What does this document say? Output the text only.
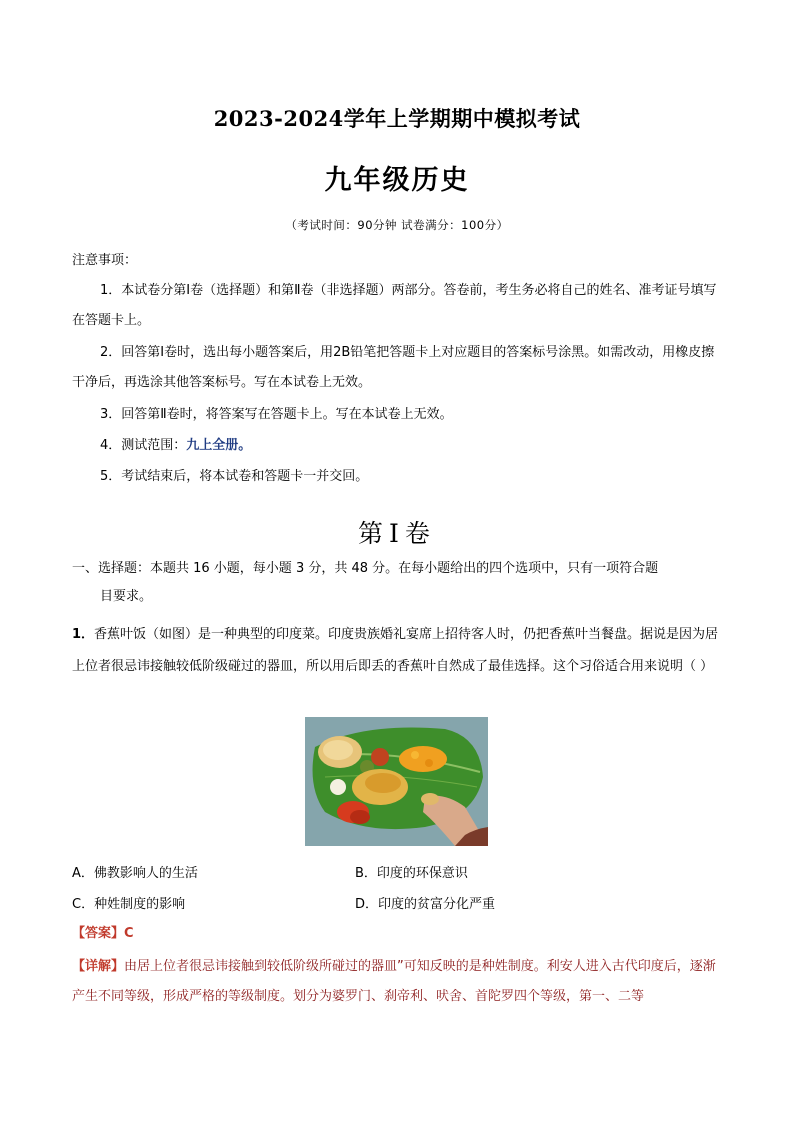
2023-2024学年上学期期中模拟考试
九年级历史
（考试时间：90分钟 试卷满分：100分）
注意事项：

1．本试卷分第Ⅰ卷（选择题）和第Ⅱ卷（非选择题）两部分。答卷前，考生务必将自己的姓名、准考证号填写在答题卡上。

2．回答第Ⅰ卷时，选出每小题答案后，用2B铅笔把答题卡上对应题目的答案标号涂黑。如需改动，用橡皮擦干净后，再选涂其他答案标号。写在本试卷上无效。

3．回答第Ⅱ卷时，将答案写在答题卡上。写在本试卷上无效。

4．测试范围：九上全册。

5．考试结束后，将本试卷和答题卡一并交回。

第Ⅰ卷
一、选择题：本题共 16 小题，每小题 3 分，共 48 分。在每小题给出的四个选项中，只有一项符合题
目要求。

1．香蕉叶饭（如图）是一种典型的印度菜。印度贵族婚礼宴席上招待客人时，仍把香蕉叶当餐盘。据说是因为居上位者很忌讳接触较低阶级碰过的器皿，所以用后即丢的香蕉叶自然成了最佳选择。这个习俗适合用来说明（ ）

A．佛教影响人的生活	B．印度的环保意识
C．种姓制度的影响	D．印度的贫富分化严重
【答案】C

【详解】由居上位者很忌讳接触到较低阶级所碰过的器皿”可知反映的是种姓制度。利安人进入古代印度后，逐渐产生不同等级，形成严格的等级制度。划分为婆罗门、刹帝利、吠舍、首陀罗四个等级，第一、二等
